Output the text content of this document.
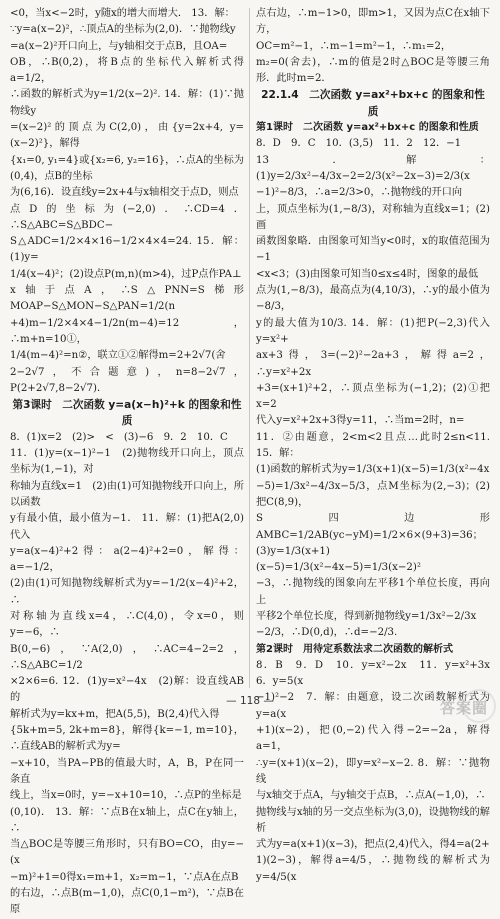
<0，当x<−2时，y随x的增大而增大． 13．解：

∵y=a(x−2)²，∴顶点A的坐标为(2,0)．∵抛物线y

=a(x−2)²开口向上，与y轴相交于点B，且OA=

OB，∴B(0,2)，将B点的坐标代入解析式得a=1/2，

∴函数的解析式为y=1/2(x−2)². 14．解：(1)∵抛物线y

=(x−2)²的顶点为C(2,0)，由{y=2x+4, y=(x−2)²}，解得

{x₁=0, y₁=4}或{x₂=6, y₂=16}，∴点A的坐标为(0,4)，点B的坐标

为(6,16)．设直线y=2x+4与x轴相交于点D，则点

点D的坐标为(−2,0)．∴CD=4．∴S△ABC=S△BDC−

S△ADC=1/2×4×16−1/2×4×4=24. 15．解：(1)y=

1/4(x−4)²；(2)设点P(m,n)(m>4)，过P点作PA⊥

x轴于点A，∴S△PNN=S梯形MOAP−S△MON−S△PAN=1/2(n

+4)m−1/2×4×4−1/2n(m−4)=12，∴m+n=10①，

1/4(m−4)²=n②，联立①②解得m=2+2√7(舍

2−2√7，不合题意)，n=8−2√7，P(2+2√7,8−2√7)．

第3课时　二次函数 y=a(x−h)²+k 的图象和性质

8．(1)x=2　(2)>　<　(3)−6　9．2　10．C

11．(1)y=(x−1)²−1　(2)抛物线开口向上，顶点坐标为(1,−1)，对

称轴为直线x=1　(2)由(1)可知抛物线开口向上，所以函数

y有最小值，最小值为−1． 11．解：(1)把A(2,0)代入

y=a(x−4)²+2得：a(2−4)²+2=0，解得：a=−1/2，

(2)由(1)可知抛物线解析式为y=−1/2(x−4)²+2，∴

对称轴为直线x=4，∴C(4,0)，令x=0，则y=−6，∴

B(0,−6)，∵A(2,0)，∴AC=4−2=2，∴S△ABC=1/2

×2×6=6. 12．(1)y=x²−4x　(2)解：设直线AB的

解析式为y=kx+m，把A(5,5)，B(2,4)代入得

{5k+m=5, 2k+m=8}，解得{k=−1, m=10}，∴直线AB的解析式为y=

−x+10，当PA−PB的值最大时，A，B，P在同一条直

线上，当x=0时，y=−x+10=10，∴点P的坐标是

(0,10)． 13．解：∵点B在x轴上，点C在y轴上，∴

当△BOC是等腰三角形时，只有BO=CO，由y=−(x

−m)²+1=0得x₁=m+1，x₂=m−1，∵点A在点B

的右边，∴点B(m−1,0)，点C(0,1−m²)，∵点B在原

点右边，∴m−1>0，即m>1，又因为点C在x轴下方，

OC=m²−1，∴m−1=m²−1，∴m₁=2，

m₂=0(舍去)，∴m的值是2时△BOC是等腰三角形．此时m=2．

22.1.4　二次函数 y=ax²+bx+c 的图象和性质

第1课时　二次函数 y=ax²+bx+c 的图象和性质

8．D　9．C　10．(3,5)　11．2　12．−1

13．解：(1)y=2/3x²−4/3x−2=2/3(x²−2x−3)=2/3(x

−1)²−8/3，∴a=2/3>0，∴抛物线的开口向

上，顶点坐标为(1,−8/3)，对称轴为直线x=1；(2)画

函数图象略．由图象可知当y<0时，x的取值范围为−1

<x<3；(3)由图象可知当0≤x≤4时，图象的最低

点为(1,−8/3)，最高点为(4,10/3)，∴y的最小值为−8/3，

y的最大值为10/3. 14．解：(1)把P(−2,3)代入y=x²+

ax+3得，3=(−2)²−2a+3，解得a=2，∴y=x²+2x

+3=(x+1)²+2，∴顶点坐标为(−1,2)；(2)①把x=2

代入y=x²+2x+3得y=11，∴当m=2时，n=

11．②由题意，2<m<2且点…此时2≤n<11. 15．解：

(1)函数的解析式为y=1/3(x+1)(x−5)=1/3(x²−4x

−5)=1/3x²−4/3x−5/3，点M坐标为(2,−3)；(2)把C(8,9)，

S四边形AMBC=1/2AB(yc−yM)=1/2×6×(9+3)=36；

(3)y=1/3(x+1)(x−5)=1/3(x²−4x−5)=1/3(x−2)²

−3，∴抛物线的图象向左平移1个单位长度，再向上

平移2个单位长度，得到新抛物线y=1/3x²−2/3x

−2/3，∴D(0,d)，∴d=−2/3.

第2课时　用待定系数法求二次函数的解析式

8．B　9．D　10．y=x²−2x　11．y=x²+3x　6．y=5(x

−1)²−2　7．解：由题意，设二次函数解析式为y=a(x

+1)(x−2)，把(0,−2)代入得−2=−2a，解得a=1，

∴y=(x+1)(x−2)，即y=x²−x−2. 8．解：∵抛物线

与x轴交于点A，与y轴交于点B，∴点A(−1,0)，∴

抛物线与x轴的另一交点坐标为(3,0)，设抛物线的解析

式为y=a(x+1)(x−3)，把点(2,4)代入，得4=a(2+

1)(2−3)，解得a=4/5，∴抛物线的解析式为y=4/5(x

— 118 —	答案圈
